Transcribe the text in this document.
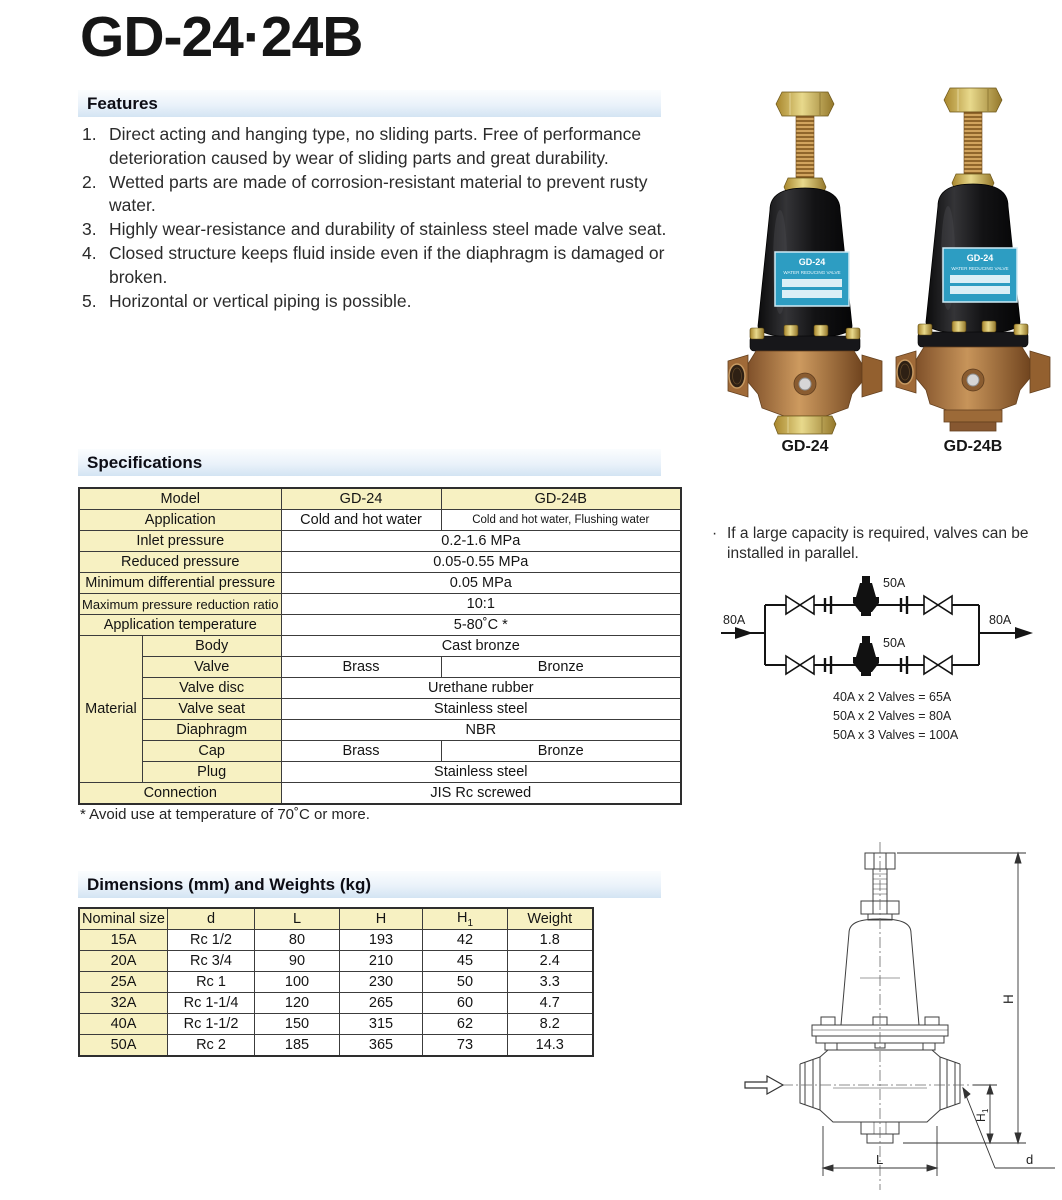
GD-24·24B
Features
1. Direct acting and hanging type, no sliding parts. Free of performance deterioration caused by wear of sliding parts and great durability.
2. Wetted parts are made of corrosion-resistant material to prevent rusty water.
3. Highly wear-resistance and durability of stainless steel made valve seat.
4. Closed structure keeps fluid inside even if the diaphragm is damaged or broken.
5. Horizontal or vertical piping is possible.
GD-24
WATER REDUCING VALVE
GD-24
WATER REDUCING VALVE
GD-24	GD-24B
Specifications
Model		GD-24	GD-24B
Application		Cold and hot water	Cold and hot water, Flushing water
Inlet pressure		0.2-1.6 MPa	
Reduced pressure		0.05-0.55 MPa	
Minimum differential pressure		0.05 MPa	
Maximum pressure reduction ratio		10:1	
Application temperature		5-80˚C *	
Material	Body	Cast bronze	
	Valve	Brass	Bronze
	Valve disc	Urethane rubber	
	Valve seat	Stainless steel	
	Diaphragm	NBR	
	Cap	Brass	Bronze
	Plug	Stainless steel	
Connection		JIS Rc screwed	
* Avoid use at temperature of 70˚C or more.
· If a large capacity is required, valves can be installed in parallel.
80A	80A
50A
50A
40A x 2 Valves = 65A
50A x 2 Valves = 80A
50A x 3 Valves = 100A
Dimensions (mm) and Weights (kg)
Nominal size	d	L	H	$H_1$	Weight
15A	Rc 1/2	80	193	42	1.8
20A	Rc 3/4	90	210	45	2.4
25A	Rc 1	100	230	50	3.3
32A	Rc 1-1/4	120	265	60	4.7
40A	Rc 1-1/2	150	315	62	8.2
50A	Rc 2	185	365	73	14.3
H
H
1
L	d
